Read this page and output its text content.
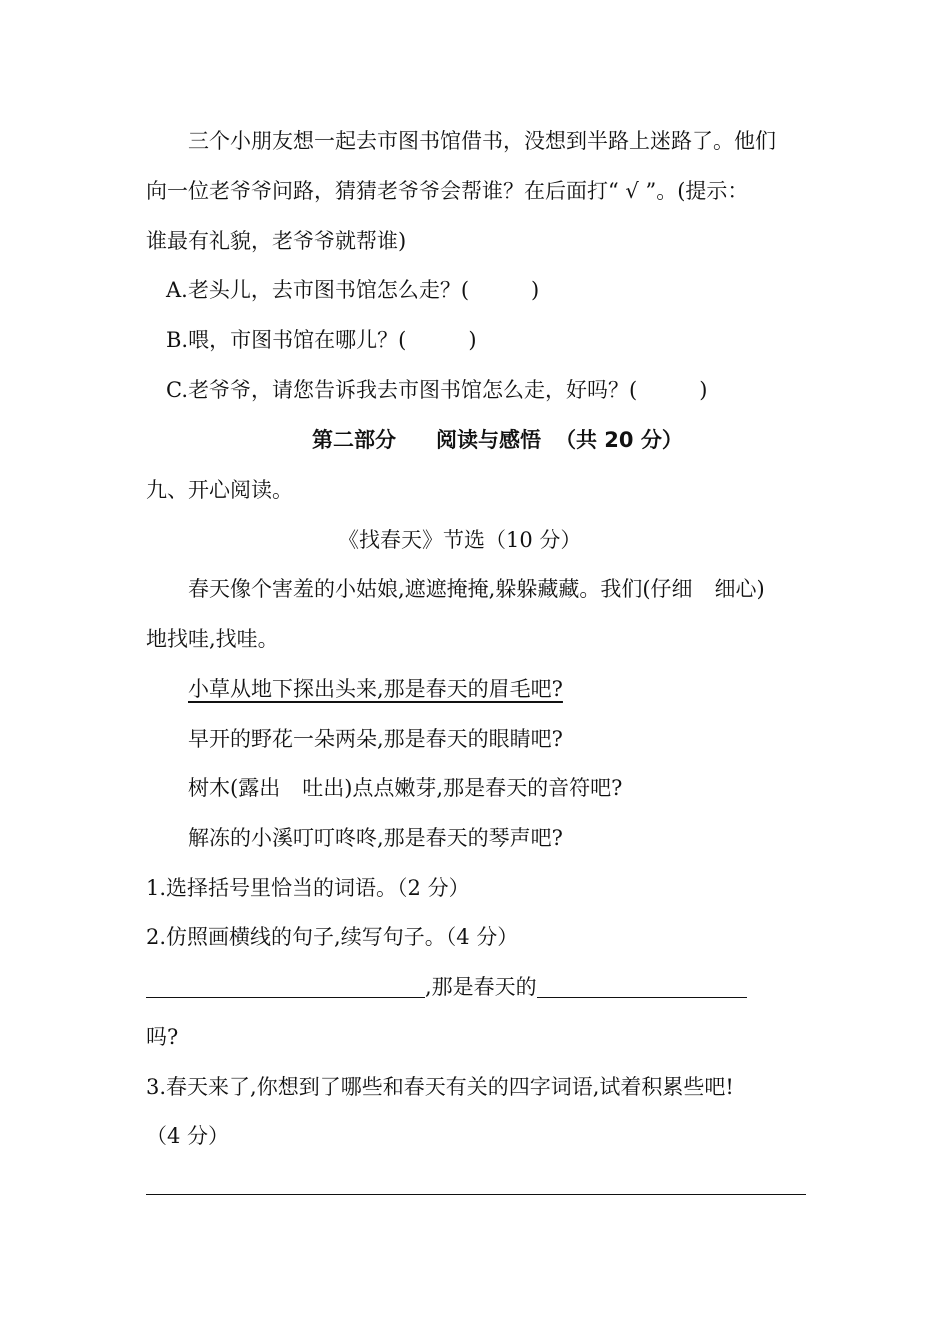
三个小朋友想一起去市图书馆借书，没想到半路上迷路了。他们
向一位老爷爷问路，猜猜老爷爷会帮谁？在后面打“ √ ”。(提示：
谁最有礼貌，老爷爷就帮谁)
A.老头儿，去市图书馆怎么走？(	)
B.喂，市图书馆在哪儿？(	)
C.老爷爷，请您告诉我去市图书馆怎么走，好吗？(	)
第二部分 阅读与感悟 （共 20 分）
九、开心阅读。
《找春天》节选（10 分）
春天像个害羞的小姑娘,遮遮掩掩,躲躲藏藏。我们(仔细 细心)
地找哇,找哇。
小草从地下探出头来,那是春天的眉毛吧?
早开的野花一朵两朵,那是春天的眼睛吧?
树木(露出 吐出)点点嫩芽,那是春天的音符吧?
解冻的小溪叮叮咚咚,那是春天的琴声吧?
1.选择括号里恰当的词语。（2 分）
2.仿照画横线的句子,续写句子。（4 分）
,那是春天的
吗?
3.春天来了,你想到了哪些和春天有关的四字词语,试着积累些吧!
（4 分）
